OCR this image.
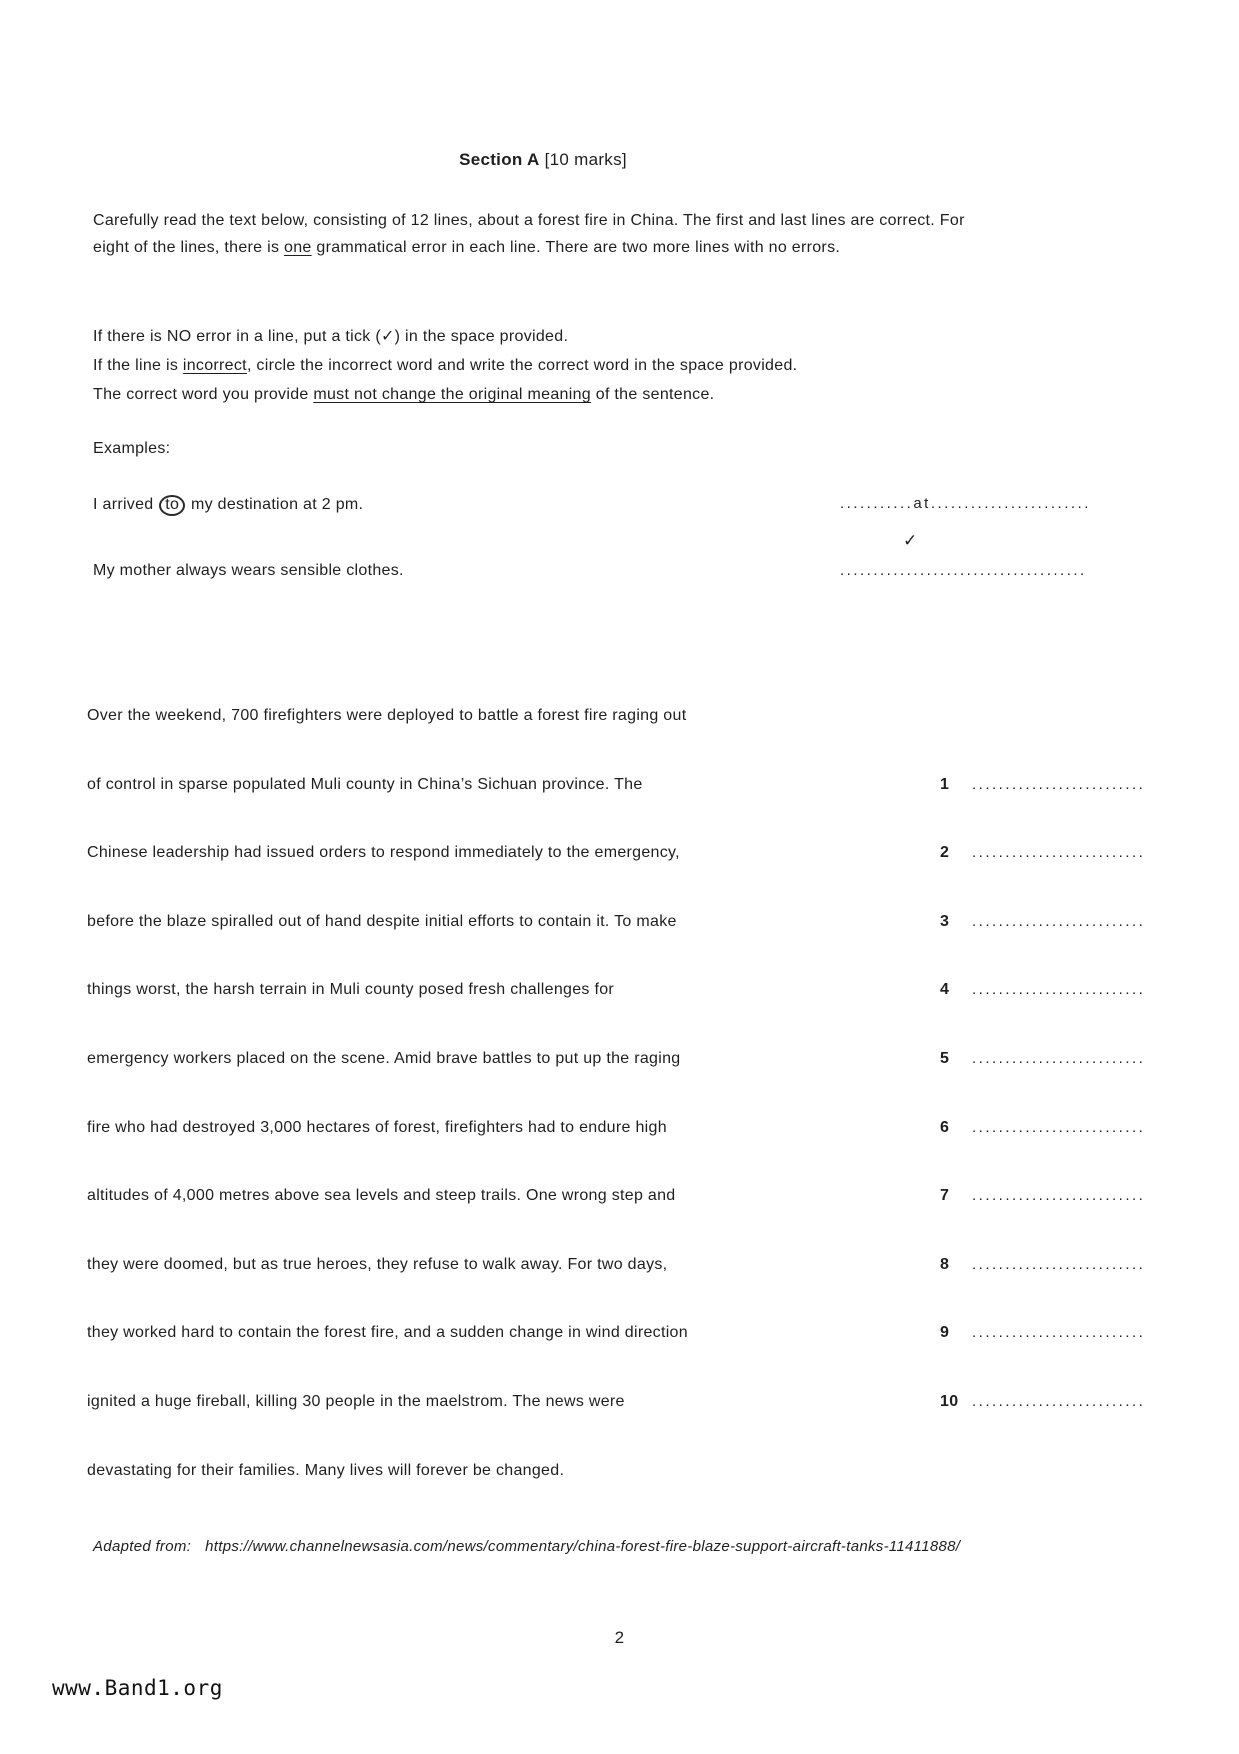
Section A [10 marks]

Carefully read the text below, consisting of 12 lines, about a forest fire in China. The first and last lines are correct. For eight of the lines, there is one grammatical error in each line. There are two more lines with no errors.

If there is NO error in a line, put a tick (✓) in the space provided.
If the line is incorrect, circle the incorrect word and write the correct word in the space provided.
The correct word you provide must not change the original meaning of the sentence.
Examples:
I arrived to my destination at 2 pm.	...........at........................
✓
My mother always wears sensible clothes.	.....................................
Over the weekend, 700 firefighters were deployed to battle a forest fire raging out
of control in sparse populated Muli county in China’s Sichuan province. The	1	..........................
Chinese leadership had issued orders to respond immediately to the emergency,	2	..........................
before the blaze spiralled out of hand despite initial efforts to contain it. To make	3	..........................
things worst, the harsh terrain in Muli county posed fresh challenges for	4	..........................
emergency workers placed on the scene. Amid brave battles to put up the raging	5	..........................
fire who had destroyed 3,000 hectares of forest, firefighters had to endure high	6	..........................
altitudes of 4,000 metres above sea levels and steep trails. One wrong step and	7	..........................
they were doomed, but as true heroes, they refuse to walk away. For two days,	8	..........................
they worked hard to contain the forest fire, and a sudden change in wind direction	9	..........................
ignited a huge fireball, killing 30 people in the maelstrom. The news were	10 ..........................
devastating for their families. Many lives will forever be changed.
Adapted from: https://www.channelnewsasia.com/news/commentary/china-forest-fire-blaze-support-aircraft-tanks-11411888/
2
www.Band1.org
